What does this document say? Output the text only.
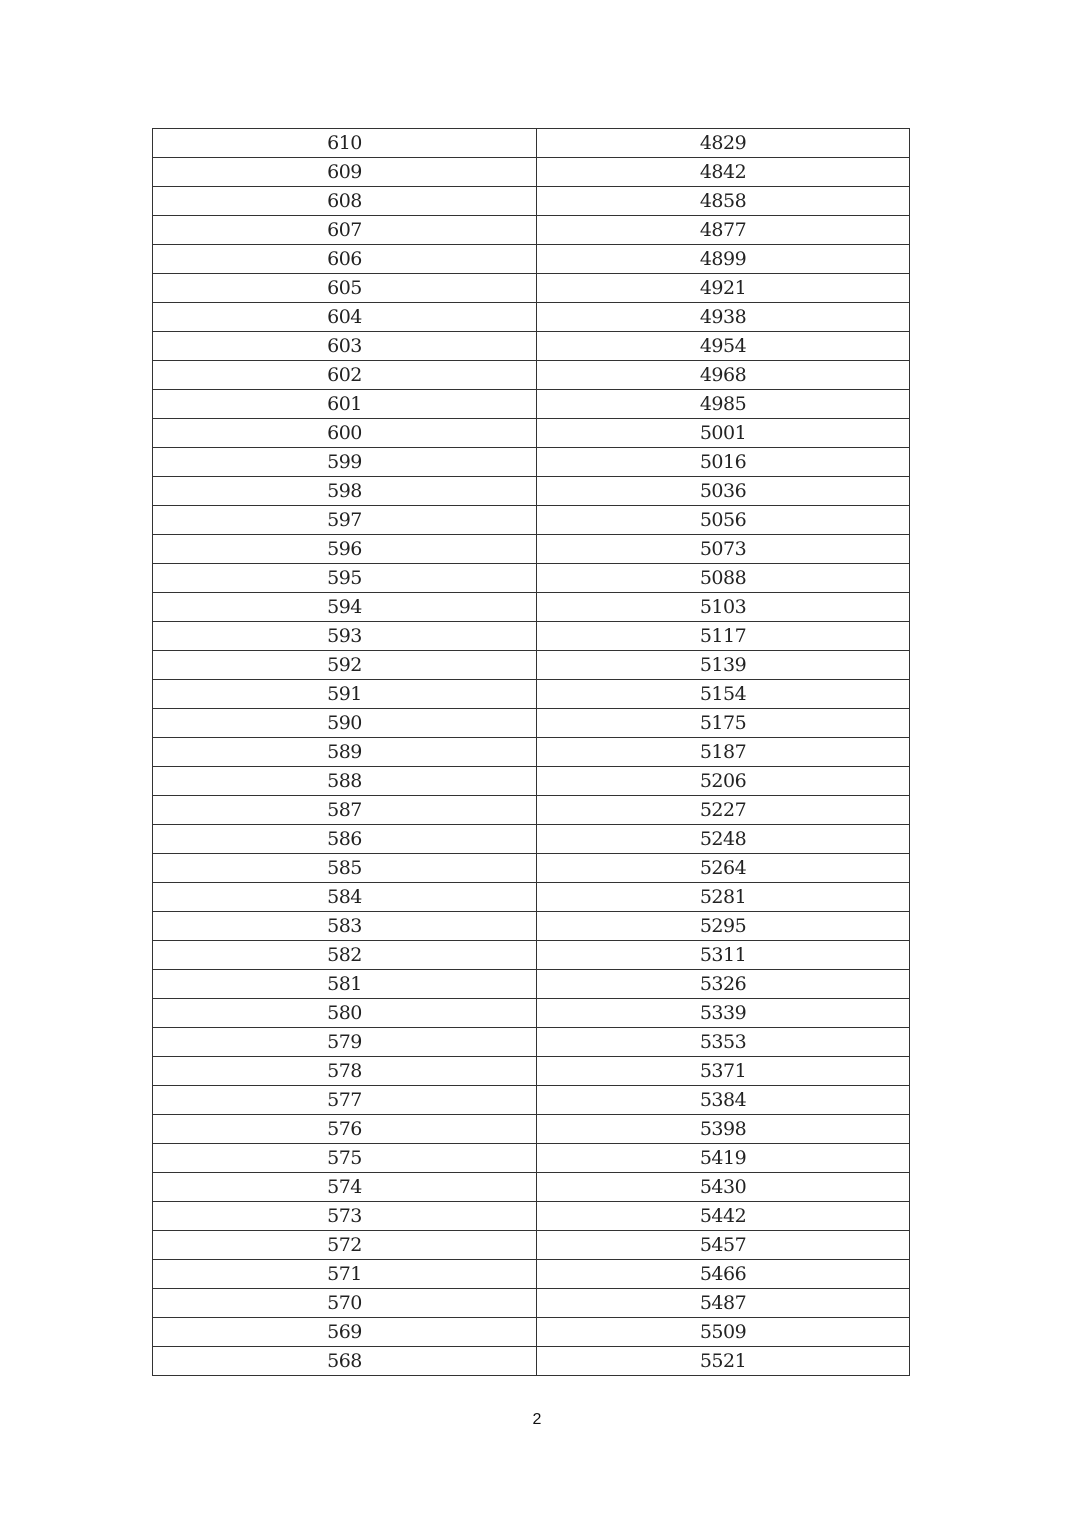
610	4829
609	4842
608	4858
607	4877
606	4899
605	4921
604	4938
603	4954
602	4968
601	4985
600	5001
599	5016
598	5036
597	5056
596	5073
595	5088
594	5103
593	5117
592	5139
591	5154
590	5175
589	5187
588	5206
587	5227
586	5248
585	5264
584	5281
583	5295
582	5311
581	5326
580	5339
579	5353
578	5371
577	5384
576	5398
575	5419
574	5430
573	5442
572	5457
571	5466
570	5487
569	5509
568	5521
2
